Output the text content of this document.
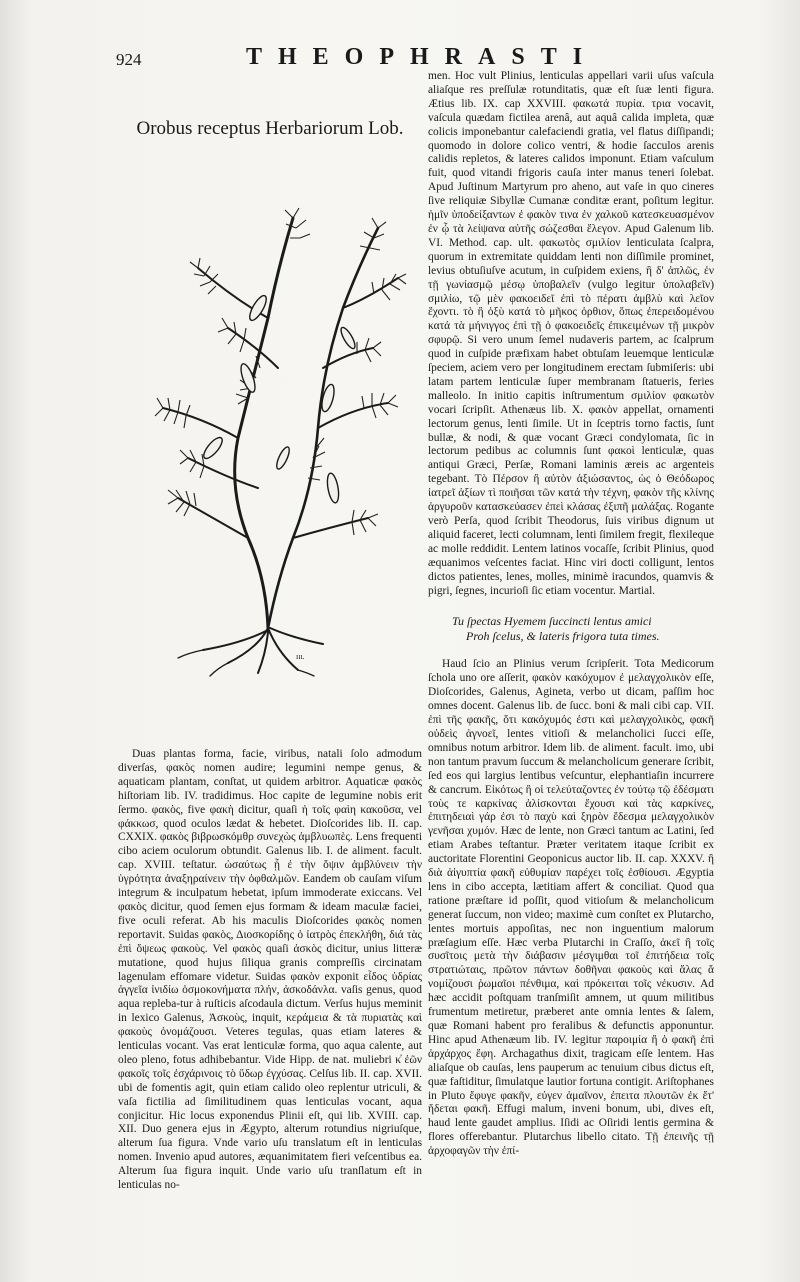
924	THEOPHRASTI
Orobus receptus Herbariorum Lob.
ııı.

Duas plantas forma, facie, viribus, natali ſolo admodum diverſas, φακὸς nomen audire; legumini nempe genus, & aquaticam plantam, conſtat, ut quidem arbitror. Aquaticæ φακὸς hiſtoriam lib. IV. tradidimus. Hoc capite de legumine nobis erit ſermo. φακὸς, five φακὴ dicitur, quaſi ἡ τοῖς φαὶη κακοῦσα, vel φάκκωσ, quod oculos lædat & hebetet. Dioſcorides lib. II. cap. CXXIX. φακὸς βιβρωσκόμθρ συνεχὼς ἀμβλυωπὲς. Lens frequenti cibo aciem oculorum obtundit. Galenus lib. I. de aliment. facult. cap. XVIII. teſtatur. ὡσαύτως ᾗ ἐ τὴν ὄψιν ἀμβλύνειν τὴν ὑγρότητα ἀναξηραίνειν τὴν ὀφθαλμῶν. Eandem ob cauſam viſum integrum & inculpatum hebetat, ipſum immoderate exiccans. Vel φακὸς dicitur, quod ſemen ejus formam & ideam maculæ faciei, five oculi referat. Ab his maculis Dioſcorides φακὸς nomen reportavit. Suidas φακὸς, Διοσκορίδης ὀ ἰατρὸς ἐπεκλήθη, διά τὰς ἐπὶ ὄψεως φακοὺς. Vel φακὸς quaſi ἀσκὸς dicitur, unius litteræ mutatione, quod hujus ſiliqua granis compreſſis circinatam lagenulam effomare videtur. Suidas φακὸν exponit εἶδος ὑδρίας ἀγγεῖα ἰνιδίω ὀσμοκονήματα πλήν, ἀσκοδάνλα. vaſis genus, quod aqua repleba-tur à ruſticis aſcodaula dictum. Verſus hujus meminit in lexico Galenus, Ἀσκοὺς, inquit, κεράμεια & τὰ πυριατὰς καὶ φακοὺς ὀνομάζουσι. Veteres tegulas, quas etiam lateres & lenticulas vocant. Vas erat lenticulæ forma, quo aqua calente, aut oleo pleno, fotus adhibebantur. Vide Hipp. de nat. muliebri κ̓ ἐῶν φακοῖς τοῖς ἐσχάρινοις τὸ ὕδωρ ἐγχύσας. Celſus lib. II. cap. XVII. ubi de fomentis agit, quin etiam calido oleo replentur utriculi, & vaſa fictilia ad ſimilitudinem quas lenticulas vocant, aqua conjicitur. Hic locus exponendus Plinii eſt, qui lib. XVIII. cap. XII. Duo genera ejus in Ægypto, alterum rotundius nigriuſque, alterum ſua figura. Vnde vario uſu translatum eſt in lenticulas nomen. Invenio apud autores, æquanimitatem fieri veſcentibus ea. Alterum ſua figura inquit. Unde vario uſu tranſlatum eſt in lenticulas no-

men. Hoc vult Plinius, lenticulas appellari varii uſus vaſcula aliaſque res preſſulæ rotunditatis, quæ eſt ſuæ lenti figura. Ætius lib. IX. cap XXVIII. φακωτά πυρία. τρια vocavit, vaſcula quædam fictilea arenâ, aut aquâ calida impleta, quæ colicis imponebantur calefaciendi gratia, vel flatus diſſipandi; quomodo in dolore colico ventri, & hodie ſacculos arenis calidis repletos, & lateres calidos imponunt. Etiam vaſculum fuit, quod vitandi frigoris cauſa inter manus teneri ſolebat. Apud Juſtinum Martyrum pro aheno, aut vaſe in quo cineres ſive reliquiæ Sibyllæ Cumanæ conditæ erant, poſitum legitur. ἡμῖν ὑποδείξαντων ἐ φακὸν τινα ἐν χαλκοῦ κατεσκευασμένον ἐν ᾧ τὰ λείψανα αὐτῆς σώζεσθαι ἔλεγον. Apud Galenum lib. VI. Method. cap. ult. φακωτὸς σμιλίον lenticulata ſcalpra, quorum in extremitate quiddam lenti non diſſimile prominet, levius obtuſiuſve acutum, in cuſpidem exiens, ἢ δ' ἁπλῶς, ἐν τῇ γωνίασμῷ μέσῳ ὑποβαλεῖν (vulgo legitur ὑπολαβεῖν) σμιλίω, τῷ μὲν φακοειδεῖ ἐπὶ τὸ πέρατι ἀμβλὺ καὶ λεῖον ἔχοντι. τὸ ἢ ὀξὺ κατά τὸ μῆκος ὀρθιον, ὅπως ἐπερειδομένου κατά τὰ μήνιγγος ἐπὶ τῇ ὁ φακοειδεῖς ἐπικειμένων τῇ μικρὸν σφυρῷ. Si vero unum ſemel nudaveris partem, ac ſcalprum quod in cuſpide præfixam habet obtuſam leuemque lenticulæ ſpeciem, aciem vero per longitudinem erectam ſubmiſeris: ubi latam partem lenticulæ ſuper membranam ſtatueris, feries malleolo. In initio capitis inſtrumentum σμιλίον φακωτὸν vocari ſcripſit. Athenæus lib. X. φακὸν appellat, ornamenti lectorum genus, lenti ſimile. Ut in ſceptris torno factis, ſunt bullæ, & nodi, & quæ vocant Græci condylomata, ſic in lectorum pedibus ac columnis ſunt φακοὶ lenticulæ, quas antiqui Græci, Perſæ, Romani laminis æreis ac argenteis tegebant. Τὸ Πέρσον ἢ αὐτὸν ἀξιώσαντος, ὡς ὁ Θεόδωρος ἰατρεῖ ἀξίων τὶ ποιῆσαι τῶν κατά τὴν τέχνη, φακὸν τῆς κλίνης ἀργυροῦν κατασκεύασεν ἐπεὶ κλάσας ἐξιπῆ μαλάξας. Rogante verò Perſa, quod ſcribit Theodorus, ſuis viribus dignum ut aliquid faceret, lecti columnam, lenti ſimilem fregit, flexileque ac molle reddidit. Lentem latinos vocaſſe, ſcribit Plinius, quod æquanimos veſcentes faciat. Hinc viri docti colligunt, lentos dictos patientes, lenes, molles, minimè iracundos, quamvis & pigri, ſegnes, incurioſi ſic etiam vocentur. Martial.

Tu ſpectas Hyemem ſuccincti lentus amici
Proh ſcelus, & lateris frigora tuta times.

Haud ſcio an Plinius verum ſcripſerit. Tota Medicorum ſchola uno ore aſſerit, φακὸν κακόχυμον ἐ μελαγχολικὸν eſſe, Dioſcorides, Galenus, Agineta, verbo ut dicam, paſſim hoc omnes docent. Galenus lib. de ſucc. boni & mali cibi cap. VII. ἐπὶ τῆς φακῆς, ὅτι κακόχυμός ἐστι καὶ μελαγχολικὸς, φακῆ οὐδεὶς ἀγνοεῖ, lentes vitioſi & melancholici ſucci eſſe, omnibus notum arbitror. Idem lib. de aliment. facult. imo, ubi non tantum pravum ſuccum & melancholicum generare ſcribit, ſed eos qui largius lentibus veſcuntur, elephantiaſin incurrere & cancrum. Εἰκότως ἢ οἱ τελεύταζοντες ἐν τούτῳ τῷ ἐδέσματι τοὺς τε καρκίνας ἁλίσκονται ἔχουσι καὶ τὰς καρκίνες, ἐπιτηδειαὶ γάρ ἐσι τὸ παχὺ καὶ ξηρὸν ἔδεσμα μελαγχολικὸν γενῆσαι χυμόν. Hæc de lente, non Græci tantum ac Latini, ſed etiam Arabes teſtantur. Præter veritatem itaque ſcribit ex auctoritate Florentini Geoponicus auctor lib. II. cap. XXXV. ἢ διὰ ἀἰγυπτία φακῆ εὐθυμίαν παρέχει τοῖς ἐσθίουσι. Ægyptia lens in cibo accepta, lætitiam affert & conciliat. Quod qua ratione præſtare id poſſit, quod vitioſum & melancholicum generat ſuccum, non video; maximè cum conſtet ex Plutarcho, lentes mortuis appoſitas, nec non inguentium malorum præſagium eſſe. Hæc verba Plutarchi in Craſſo, ἀκεῖ ἢ τοῖς συσῖτοις μετὰ τὴν διάβασιν μέσγιμθαι τοῖ ἐπιτήδεια τοῖς στρατιώταις, πρῶτον πάντων δοθῆναι φακοὺς καὶ ἅλας ἅ νομίζουσι ῥωμαῖοι πένθιμα, καὶ πρόκειται τοῖς νέκυσιν. Ad hæc accidit poſtquam tranſmiſit amnem, ut quum militibus frumentum metiretur, præberet ante omnia lentes & ſalem, quæ Romani habent pro feralibus & defunctis apponuntur. Hinc apud Athenæum lib. IV. legitur παροιμία ἢ ὁ φακῆ ἐπὶ ἀρχάρχος ἔφη. Archagathus dixit, tragicam eſſe lentem. Has aliaſque ob cauſas, lens pauperum ac tenuium cibus dictus eſt, quæ faſtiditur, ſimulatque lautior fortuna contigit. Ariſtophanes in Pluto ἔφυγε φακῆν, εὐγεν ἀμαῖνον, ἐπειτα πλουτῶν ἐκ ἔτ' ἥδεται φακῆ. Effugi malum, inveni bonum, ubi, dives eſt, haud lente gaudet amplius. Iſidi ac Oſiridi lentis germina & flores offerebantur. Plutarchus libello citato. Τῇ ἐπεινῆς τῇ ἀρχοφαγῶν τὴν ἐπί-
